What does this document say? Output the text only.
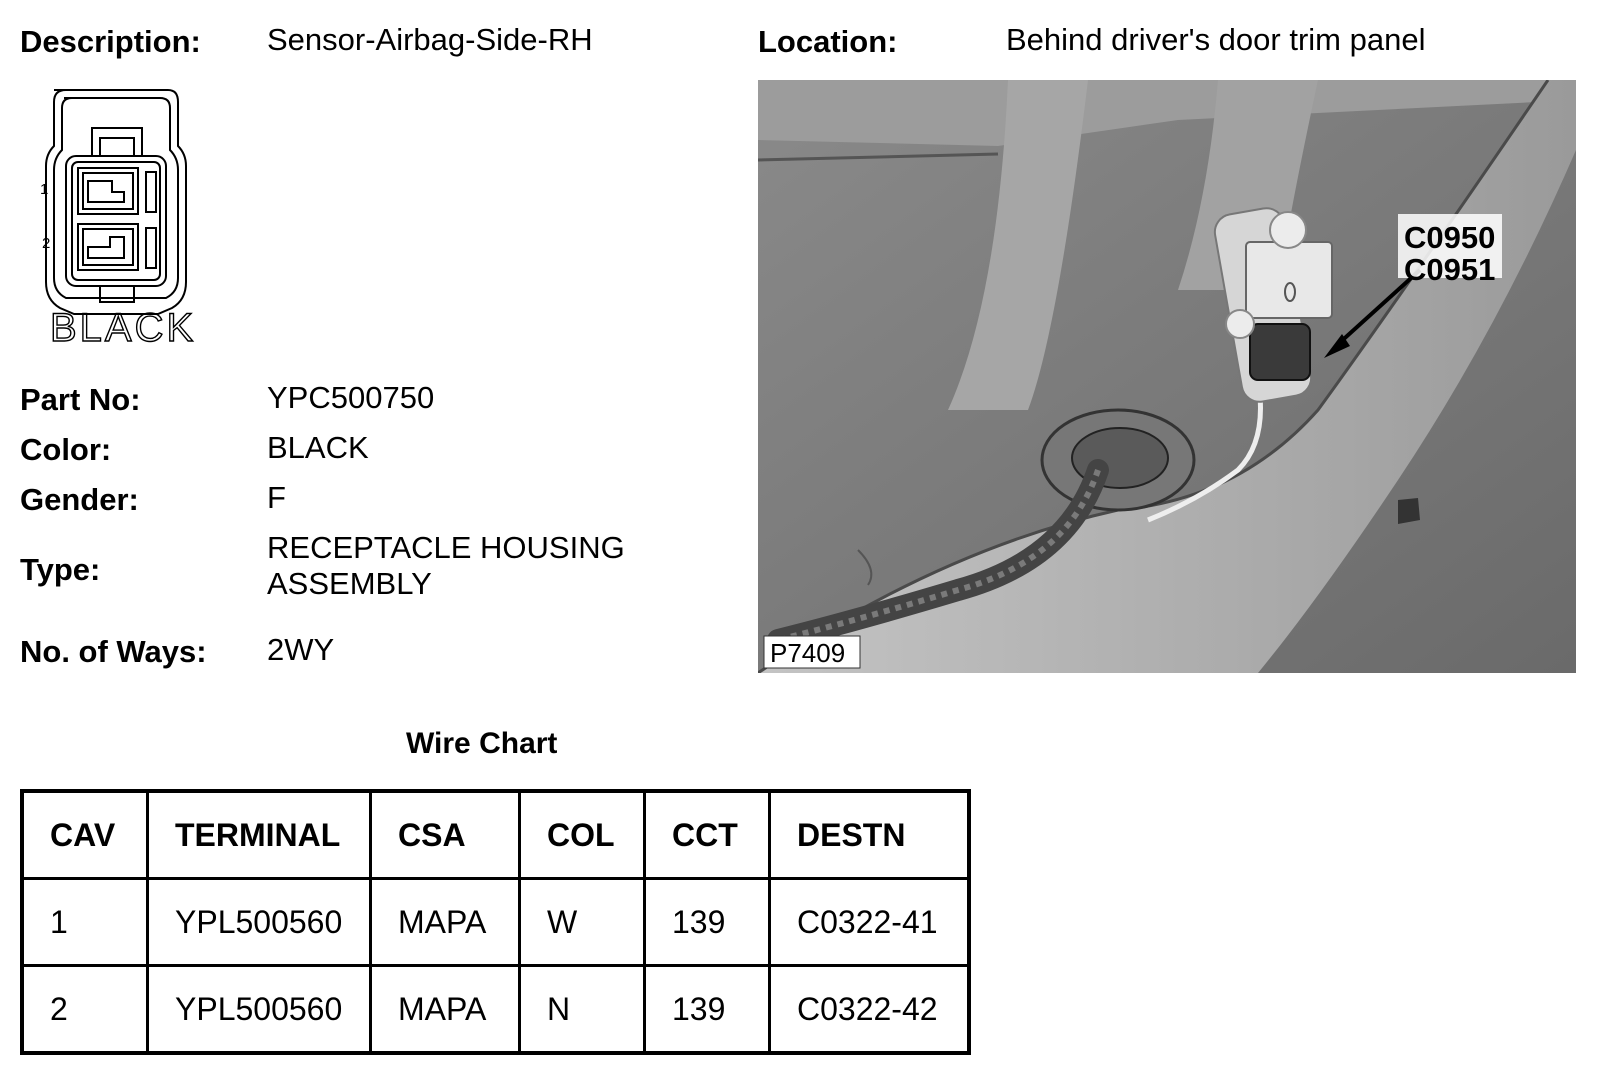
Description: Sensor-Airbag-Side-RH	Location:	Behind driver's door trim panel
1
2
BLACK
Part No:	YPC500750
Color:	BLACK
Gender:	F
Type:
RECEPTACLE HOUSING
ASSEMBLY
No. of Ways: 2WY
C0950
C0951
P7409
Wire Chart
CAV	TERMINAL	CSA	COL	CCT	DESTN
1	YPL500560	MAPA	W	139	C0322-41
2	YPL500560	MAPA	N	139	C0322-42
